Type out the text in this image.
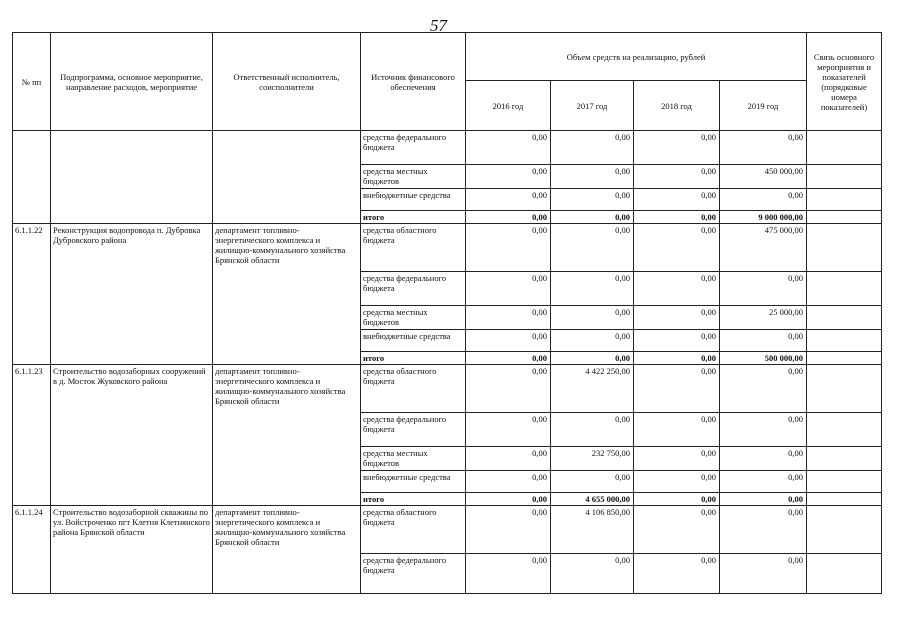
57
№ пп	Подпрограмма, основное мероприятие, направление расходов, мероприятие	Ответственный исполнитель, соисполнители	Источник финансового обеспечения	Объем средств на реализацию, рублей				Связь основного мероприятия и показателей (порядковые номера показателей)
				2016 год	2017 год	2018 год	2019 год	
			средства федерального бюджета	0,00	0,00	0,00	0,00	
			средства местных бюджетов	0,00	0,00	0,00	450 000,00	
			внебюджетные средства	0,00	0,00	0,00	0,00	
			итого	0,00	0,00	0,00	9 000 000,00	
6.1.1.22	Реконструкция водопровода п. Дубровка Дубровского района	департамент топливно-энергетического комплекса и жилищно-коммунального хозяйства Брянской области	средства областного бюджета	0,00	0,00	0,00	475 000,00	
			средства федерального бюджета	0,00	0,00	0,00	0,00	
			средства местных бюджетов	0,00	0,00	0,00	25 000,00	
			внебюджетные средства	0,00	0,00	0,00	0,00	
			итого	0,00	0,00	0,00	500 000,00	
6.1.1.23	Строительство водозаборных сооружений в д. Мосток Жуковского района	департамент топливно-энергетического комплекса и жилищно-коммунального хозяйства Брянской области	средства областного бюджета	0,00	4 422 250,00	0,00	0,00	
			средства федерального бюджета	0,00	0,00	0,00	0,00	
			средства местных бюджетов	0,00	232 750,00	0,00	0,00	
			внебюджетные средства	0,00	0,00	0,00	0,00	
			итого	0,00	4 655 000,00	0,00	0,00	
6.1.1.24	Строительство водозаборной скважины по ул. Войстроченко пгт Клетня Клетнянского района Брянской области	департамент топливно-энергетического комплекса и жилищно-коммунального хозяйства Брянской области	средства областного бюджета	0,00	4 106 850,00	0,00	0,00	
			средства федерального бюджета	0,00	0,00	0,00	0,00	
